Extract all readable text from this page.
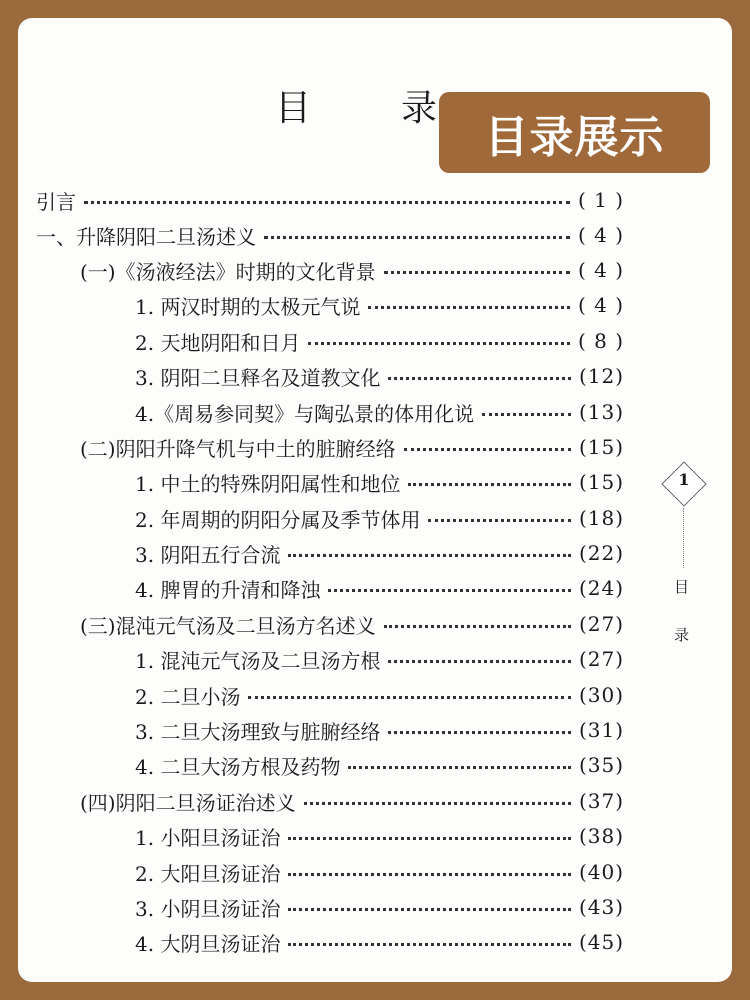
目 录
目录展示
引言	( 1 )
一、升降阴阳二旦汤述义	( 4 )
(一)《汤液经法》时期的文化背景	( 4 )
1. 两汉时期的太极元气说	( 4 )
2. 天地阴阳和日月	( 8 )
3. 阴阳二旦释名及道教文化	(12)
4.《周易参同契》与陶弘景的体用化说	(13)
(二)阴阳升降气机与中土的脏腑经络	(15)
1. 中土的特殊阴阳属性和地位	(15)
2. 年周期的阴阳分属及季节体用	(18)
3. 阴阳五行合流	(22)
4. 脾胃的升清和降浊	(24)
(三)混沌元气汤及二旦汤方名述义	(27)
1. 混沌元气汤及二旦汤方根	(27)
2. 二旦小汤	(30)
3. 二旦大汤理致与脏腑经络	(31)
4. 二旦大汤方根及药物	(35)
(四)阴阳二旦汤证治述义	(37)
1. 小阳旦汤证治	(38)
2. 大阳旦汤证治	(40)
3. 小阴旦汤证治	(43)
4. 大阴旦汤证治	(45)
1
目
录
